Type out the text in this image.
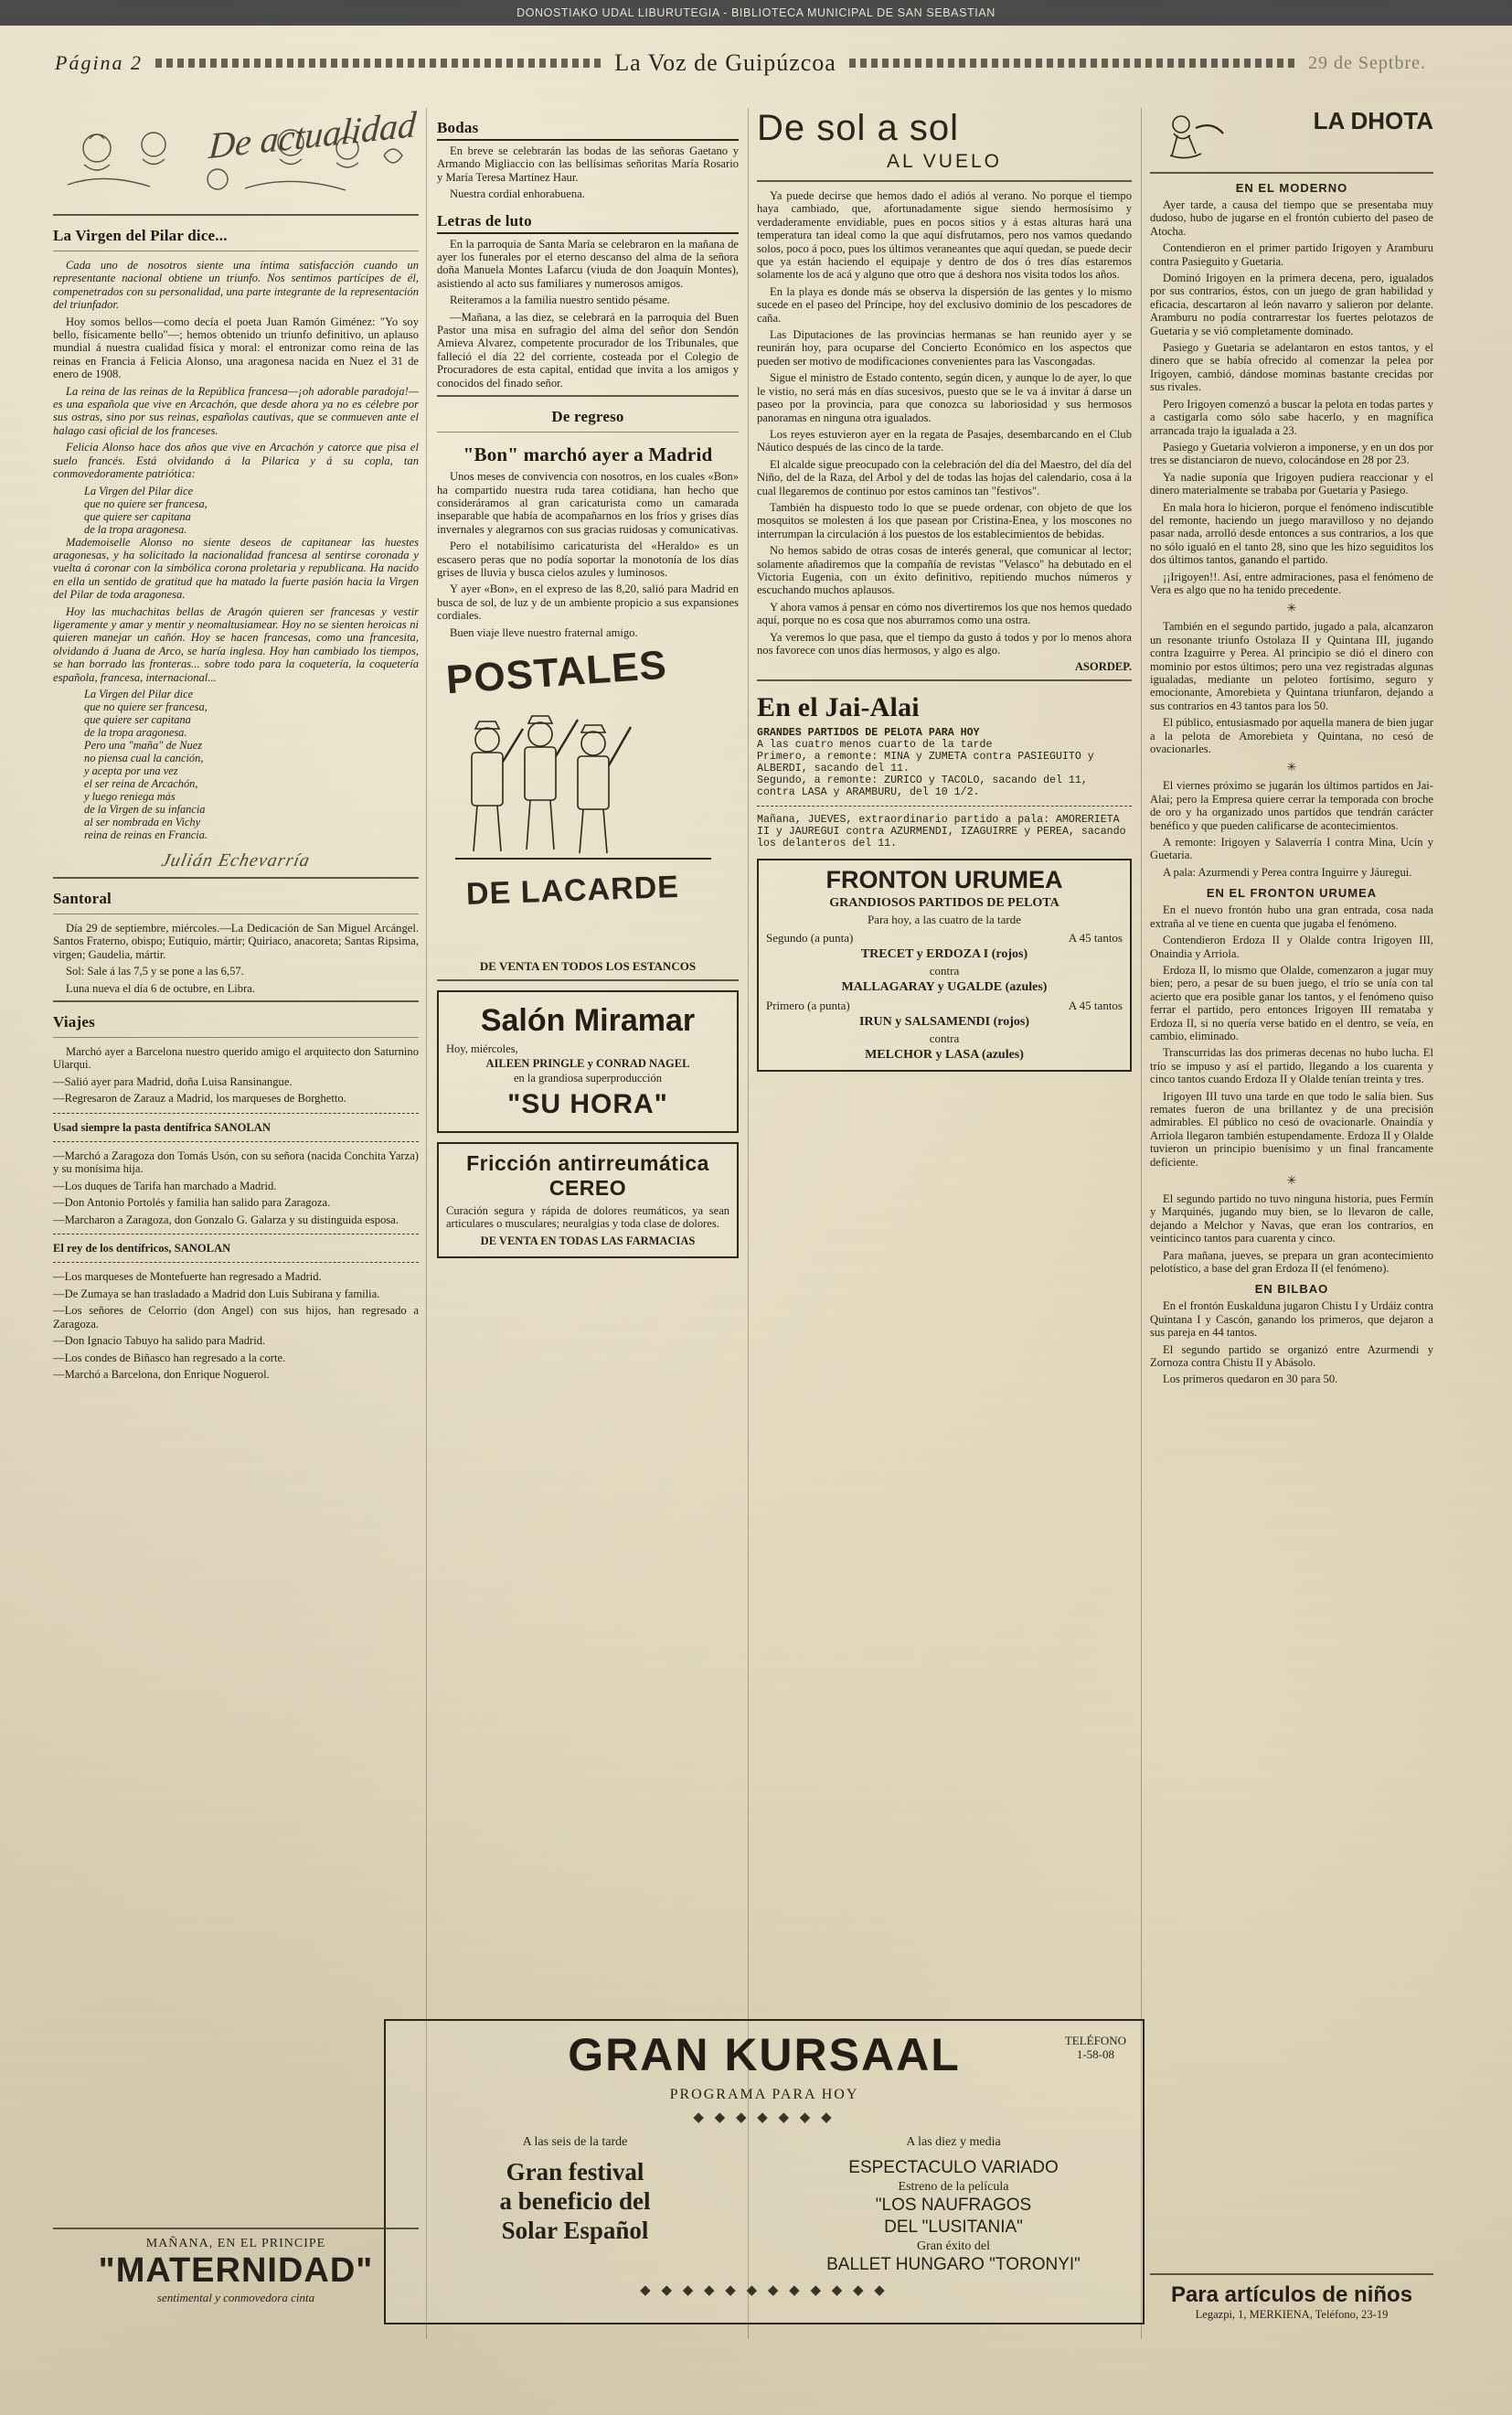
DONOSTIAKO UDAL LIBURUTEGIA - BIBLIOTECA MUNICIPAL DE SAN SEBASTIAN
Página 2	La Voz de Guipúzcoa	29 de Septbre.
De actualidad
La Virgen del Pilar dice...

Cada uno de nosotros siente una íntima satisfacción cuando un representante nacional obtiene un triunfo. Nos sentimos partícipes de él, compenetrados con su personalidad, una parte integrante de la representación del triunfador.

Hoy somos bellos—como decía el poeta Juan Ramón Giménez: "Yo soy bello, físicamente bello"—; hemos obtenido un triunfo definitivo, un aplauso mundial á nuestra cualidad física y moral: el entronizar como reina de las reinas en Francia á Felicia Alonso, una aragonesa nacida en Nuez el 31 de enero de 1908.

La reina de las reinas de la República francesa—¡oh adorable paradoja!—es una española que vive en Arcachón, que desde ahora ya no es célebre por sus ostras, sino por sus reinas, españolas cautivas, que se conmueven ante el halago casi oficial de los franceses.

Felicia Alonso hace dos años que vive en Arcachón y catorce que pisa el suelo francés. Está olvidando á la Pilarica y á su copla, tan conmovedoramente patriótica:

La Virgen del Pilar dice

que no quiere ser francesa,

que quiere ser capitana

de la tropa aragonesa.

Mademoiselle Alonso no siente deseos de capitanear las huestes aragonesas, y ha solicitado la nacionalidad francesa al sentirse coronada y vuelta á coronar con la simbólica corona proletaria y republicana. Ha nacido en ella un sentido de gratitud que ha matado la fuerte pasión hacia la Virgen del Pilar de toda aragonesa.

Hoy las muchachitas bellas de Aragón quieren ser francesas y vestir ligeramente y amar y mentir y neomaltusiamear. Hoy no se sienten heroicas ni quieren manejar un cañón. Hoy se hacen francesas, como una francesita, olvidando á Juana de Arco, se haría inglesa. Hoy han cambiado los tiempos, se han borrado las fronteras... sobre todo para la coquetería, la coquetería española, francesa, internacional...

La Virgen del Pilar dice

que no quiere ser francesa,

que quiere ser capitana

de la tropa aragonesa.

Pero una "maña" de Nuez

no piensa cual la canción,

y acepta por una vez

el ser reina de Arcachón,

y luego reniega más

de la Virgen de su infancia

al ser nombrada en Vichy

reina de reinas en Francia.

Julián Echevarría
Santoral

Día 29 de septiembre, miércoles.—La Dedicación de San Miguel Arcángel. Santos Fraterno, obispo; Eutiquio, mártir; Quiriaco, anacoreta; Santas Ripsima, virgen; Gaudelia, mártir.

Sol: Sale á las 7,5 y se pone a las 6,57.

Luna nueva el día 6 de octubre, en Libra.

Viajes

Marchó ayer a Barcelona nuestro querido amigo el arquitecto don Saturnino Ularqui.

—Salió ayer para Madrid, doña Luisa Ransinangue.

—Regresaron de Zarauz a Madrid, los marqueses de Borghetto.

Usad siempre la pasta dentífrica SANOLAN

—Marchó a Zaragoza don Tomás Usón, con su señora (nacida Conchita Yarza) y su monísima hija.

—Los duques de Tarifa han marchado a Madrid.

—Don Antonio Portolés y familia han salido para Zaragoza.

—Marcharon a Zaragoza, don Gonzalo G. Galarza y su distinguida esposa.

El rey de los dentífricos, SANOLAN

—Los marqueses de Montefuerte han regresado a Madrid.

—De Zumaya se han trasladado a Madrid don Luis Subirana y familia.

—Los señores de Celorrio (don Angel) con sus hijos, han regresado a Zaragoza.

—Don Ignacio Tabuyo ha salido para Madrid.

—Los condes de Biñasco han regresado a la corte.

—Marchó a Barcelona, don Enrique Noguerol.

Bodas

En breve se celebrarán las bodas de las señoras Gaetano y Armando Migliaccio con las bellísimas señoritas María Rosario y María Teresa Martínez Haur.

Nuestra cordial enhorabuena.

Letras de luto

En la parroquia de Santa María se celebraron en la mañana de ayer los funerales por el eterno descanso del alma de la señora doña Manuela Montes Lafarcu (viuda de don Joaquín Montes), asistiendo al acto sus familiares y numerosos amigos.

Reiteramos a la familia nuestro sentido pésame.

—Mañana, a las diez, se celebrará en la parroquia del Buen Pastor una misa en sufragio del alma del señor don Sendón Amieva Alvarez, competente procurador de los Tribunales, que falleció el día 22 del corriente, costeada por el Colegio de Procuradores de esta capital, entidad que invita a los amigos y conocidos del finado señor.

De regreso
"Bon" marchó ayer a Madrid

Unos meses de convivencia con nosotros, en los cuales «Bon» ha compartido nuestra ruda tarea cotidiana, han hecho que consideráramos al gran caricaturista como un camarada inseparable que había de acompañarnos en los fríos y grises días invernales y alegrarnos con sus gracias ruidosas y comunicativas.

Pero el notabilísimo caricaturista del «Heraldo» es un escasero peras que no podía soportar la monotonía de los días grises de lluvia y busca cielos azules y luminosos.

Y ayer «Bon», en el expreso de las 8,20, salió para Madrid en busca de sol, de luz y de un ambiente propicio a sus expansiones cordiales.

Buen viaje lleve nuestro fraternal amigo.

POSTALES
DE LACARDE
DE VENTA EN TODOS LOS ESTANCOS
Salón Miramar
Hoy, miércoles,
AILEEN PRINGLE y CONRAD NAGEL
en la grandiosa superproducción
"SU HORA"
Fricción antirreumática CEREO

Curación segura y rápida de dolores reumáticos, ya sean articulares o musculares; neuralgias y toda clase de dolores.

DE VENTA EN TODAS LAS FARMACIAS
De sol a sol
AL VUELO

Ya puede decirse que hemos dado el adiós al verano. No porque el tiempo haya cambiado, que, afortunadamente sigue siendo hermosísimo y verdaderamente envidiable, pues en pocos sitios y á estas alturas hará una temperatura tan ideal como la que aquí disfrutamos, pero nos vamos quedando solos, poco á poco, pues los últimos veraneantes que aquí quedan, se puede decir que ya están haciendo el equipaje y dentro de dos ó tres días estaremos solamente los de acá y alguno que otro que á deshora nos visita todos los años.

En la playa es donde más se observa la dispersión de las gentes y lo mismo sucede en el paseo del Príncipe, hoy del exclusivo dominio de los pescadores de caña.

Las Diputaciones de las provincias hermanas se han reunido ayer y se reunirán hoy, para ocuparse del Concierto Económico en los aspectos que pueden ser motivo de modificaciones convenientes para las Vascongadas.

Sigue el ministro de Estado contento, según dicen, y aunque lo de ayer, lo que le vistio, no será más en días sucesivos, puesto que se le va á invitar á darse un paseo por la provincia, para que conozca su laboriosidad y sus hermosos panoramas en ninguna otra igualados.

Los reyes estuvieron ayer en la regata de Pasajes, desembarcando en el Club Náutico después de las cinco de la tarde.

El alcalde sigue preocupado con la celebración del día del Maestro, del día del Niño, del de la Raza, del Arbol y del de todas las hojas del calendario, cosa á la cual llegaremos de continuo por estos caminos tan "festivos".

También ha dispuesto todo lo que se puede ordenar, con objeto de que los mosquitos se molesten á los que pasean por Cristina-Enea, y los moscones no interrumpan la circulación á los puestos de los establecimientos de bebidas.

No hemos sabido de otras cosas de interés general, que comunicar al lector; solamente añadiremos que la compañía de revistas "Velasco" ha debutado en el Victoria Eugenia, con un éxito definitivo, repitiendo muchos números y escuchando muchos aplausos.

Y ahora vamos á pensar en cómo nos divertiremos los que nos hemos quedado aquí, porque no es cosa que nos aburramos como una ostra.

Ya veremos lo que pasa, que el tiempo da gusto á todos y por lo menos ahora nos favorece con unos días hermosos, y algo es algo.

ASORDEP.

En el Jai-Alai
GRANDES PARTIDOS DE PELOTA PARA HOY
A las cuatro menos cuarto de la tarde
Primero, a remonte: MINA y ZUMETA contra PASIEGUITO y ALBERDI, sacando del 11.
Segundo, a remonte: ZURICO y TACOLO, sacando del 11, contra LASA y ARAMBURU, del 10 1/2.
Mañana, JUEVES, extraordinario partido a pala: AMORERIETA II y JAUREGUI contra AZURMENDI, IZAGUIRRE y PEREA, sacando los delanteros del 11.
FRONTON URUMEA
GRANDIOSOS PARTIDOS DE PELOTA
Para hoy, a las cuatro de la tarde
Segundo (a punta)	A 45 tantos
TRECET y ERDOZA I (rojos)
contra
MALLAGARAY y UGALDE (azules)
Primero (a punta)	A 45 tantos
IRUN y SALSAMENDI (rojos)
contra
MELCHOR y LASA (azules)
LA DHOTA
EN EL MODERNO

Ayer tarde, a causa del tiempo que se presentaba muy dudoso, hubo de jugarse en el frontón cubierto del paseo de Atocha.

Contendieron en el primer partido Irigoyen y Aramburu contra Pasieguito y Guetaria.

Dominó Irigoyen en la primera decena, pero, igualados por sus contrarios, éstos, con un juego de gran habilidad y eficacia, descartaron al león navarro y salieron por delante. Aramburu no podía contrarrestar los fuertes pelotazos de Guetaria y se vió completamente dominado.

Pasiego y Guetaria se adelantaron en estos tantos, y el dinero que se había ofrecido al comenzar la pelea por Irigoyen, cambió, dándose mominas bastante crecidas por sus rivales.

Pero Irigoyen comenzó a buscar la pelota en todas partes y a castigarla como sólo sabe hacerlo, y en magnífica arrancada trajo la igualada a 23.

Pasiego y Guetaria volvieron a imponerse, y en un dos por tres se distanciaron de nuevo, colocándose en 28 por 23.

Ya nadie suponía que Irigoyen pudiera reaccionar y el dinero materialmente se trababa por Guetaria y Pasiego.

En mala hora lo hicieron, porque el fenómeno indiscutible del remonte, haciendo un juego maravilloso y no dejando pasar nada, arrolló desde entonces a sus contrarios, a los que no sólo igualó en el tanto 28, sino que les hizo seguiditos los dos últimos tantos, ganando el partido.

¡¡Irigoyen!!. Así, entre admiraciones, pasa el fenómeno de Vera es algo que no ha tenido precedente.

✳

También en el segundo partido, jugado a pala, alcanzaron un resonante triunfo Ostolaza II y Quintana III, jugando contra Izaguirre y Perea. Al principio se dió el dinero con mominio por estos últimos; pero una vez registradas algunas igualadas, mediante un peloteo fortísimo, seguro y emocionante, Amorebieta y Quintana triunfaron, dejando a sus contrarios en 43 tantos para los 50.

El público, entusiasmado por aquella manera de bien jugar a la pelota de Amorebieta y Quintana, no cesó de ovacionarles.

✳

El viernes próximo se jugarán los últimos partidos en Jai-Alai; pero la Empresa quiere cerrar la temporada con broche de oro y ha organizado unos partidos que tendrán carácter benéfico y que pueden calificarse de acontecimientos.

A remonte: Irigoyen y Salaverría I contra Mina, Ucín y Guetaria.

A pala: Azurmendi y Perea contra Inguirre y Jáuregui.

EN EL FRONTON URUMEA

En el nuevo frontón hubo una gran entrada, cosa nada extraña al ve tiene en cuenta que jugaba el fenómeno.

Contendieron Erdoza II y Olalde contra Irigoyen III, Onaindia y Arriola.

Erdoza II, lo mismo que Olalde, comenzaron a jugar muy bien; pero, a pesar de su buen juego, el trío se unía con tal acierto que era posible ganar los tantos, y el fenómeno quiso ferrar el partido, pero entonces Irigoyen III remataba y Erdoza II, si no quería verse batido en el dentro, se veía, en cambio, eliminado.

Transcurridas las dos primeras decenas no hubo lucha. El trío se impuso y así el partido, llegando a los cuarenta y cinco tantos cuando Erdoza II y Olalde tenían treinta y tres.

Irigoyen III tuvo una tarde en que todo le salía bien. Sus remates fueron de una brillantez y de una precisión admirables. El público no cesó de ovacionarle. Onaindía y Arriola llegaron también estupendamente. Erdoza II y Olalde tuvieron un principio buenísimo y un final francamente deficiente.

✳

El segundo partido no tuvo ninguna historia, pues Fermín y Marquinés, jugando muy bien, se lo llevaron de calle, dejando a Melchor y Navas, que eran los contrarios, en veinticinco tantos para cuarenta y cinco.

Para mañana, jueves, se prepara un gran acontecimiento pelotístico, a base del gran Erdoza II (el fenómeno).

EN BILBAO

En el frontón Euskalduna jugaron Chistu I y Urdáiz contra Quintana I y Cascón, ganando los primeros, que dejaron a sus pareja en 44 tantos.

El segundo partido se organizó entre Azurmendi y Zornoza contra Chistu II y Abásolo.

Los primeros quedaron en 30 para 50.

GRAN KURSAAL	TELÉFONO
1-58-08
PROGRAMA PARA HOY
◆ ◆ ◆ ◆ ◆ ◆ ◆
A las seis de la tarde
Gran festival
a beneficio del
Solar Español
A las diez y media
ESPECTACULO VARIADO
Estreno de la película
"LOS NAUFRAGOS
DEL "LUSITANIA"
Gran éxito del
BALLET HUNGARO "TORONYI"
◆ ◆ ◆ ◆ ◆ ◆ ◆ ◆ ◆ ◆ ◆ ◆
MAÑANA, EN EL PRINCIPE
"MATERNIDAD"
sentimental y conmovedora cinta	Para artículos de niños
Legazpi, 1, MERKIENA, Teléfono, 23-19
